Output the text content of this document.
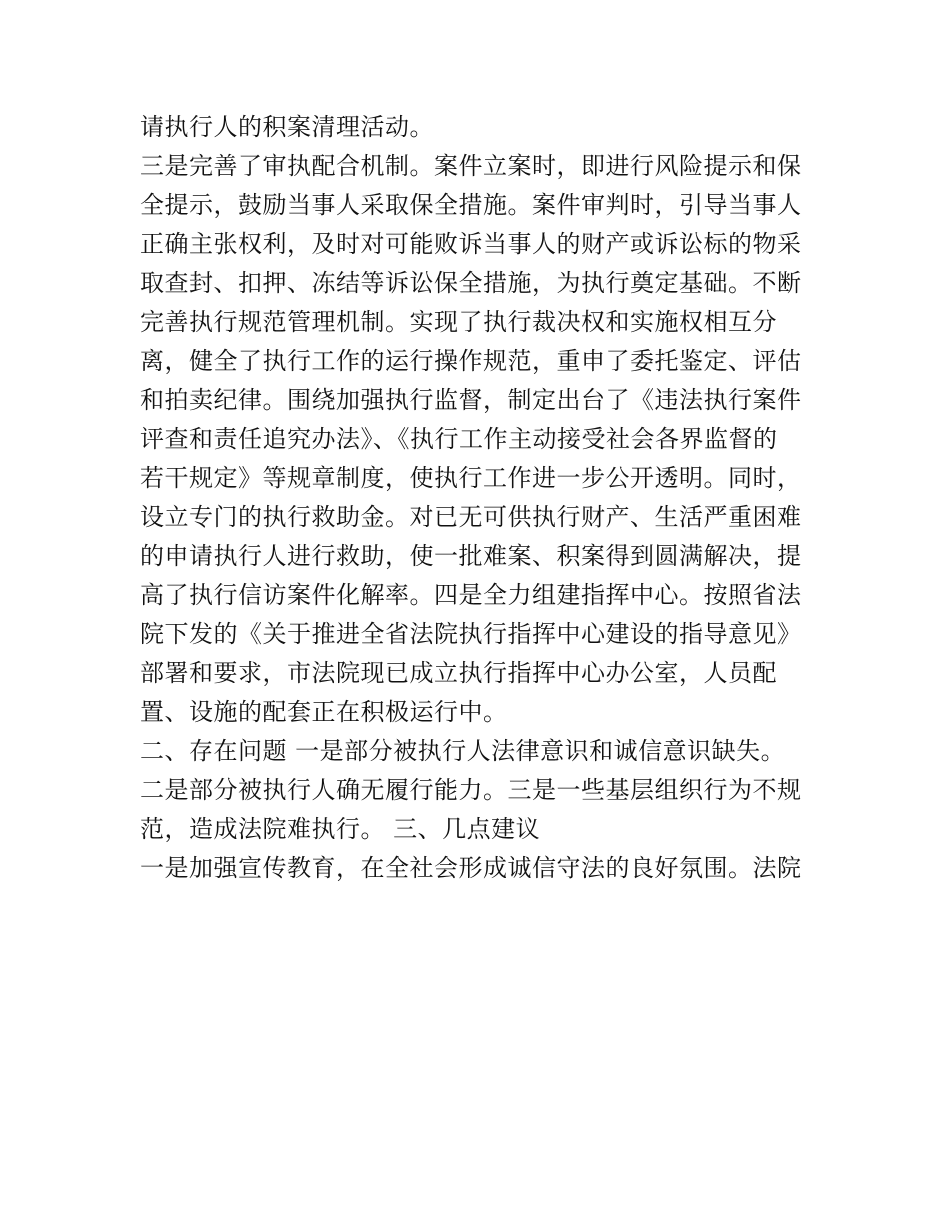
请执行人的积案清理活动。
三是完善了审执配合机制。案件立案时，即进行风险提示和保
全提示，鼓励当事人采取保全措施。案件审判时，引导当事人
正确主张权利，及时对可能败诉当事人的财产或诉讼标的物采
取查封、扣押、冻结等诉讼保全措施，为执行奠定基础。不断
完善执行规范管理机制。实现了执行裁决权和实施权相互分
离，健全了执行工作的运行操作规范，重申了委托鉴定、评估
和拍卖纪律。围绕加强执行监督，制定出台了《违法执行案件
评查和责任追究办法》、《执行工作主动接受社会各界监督的
若干规定》等规章制度，使执行工作进一步公开透明。同时，
设立专门的执行救助金。对已无可供执行财产、生活严重困难
的申请执行人进行救助，使一批难案、积案得到圆满解决，提
高了执行信访案件化解率。四是全力组建指挥中心。按照省法
院下发的《关于推进全省法院执行指挥中心建设的指导意见》
部署和要求，市法院现已成立执行指挥中心办公室，人员配
置、设施的配套正在积极运行中。
二、存在问题 一是部分被执行人法律意识和诚信意识缺失。
二是部分被执行人确无履行能力。三是一些基层组织行为不规
范，造成法院难执行。 三、几点建议
一是加强宣传教育，在全社会形成诚信守法的良好氛围。法院
